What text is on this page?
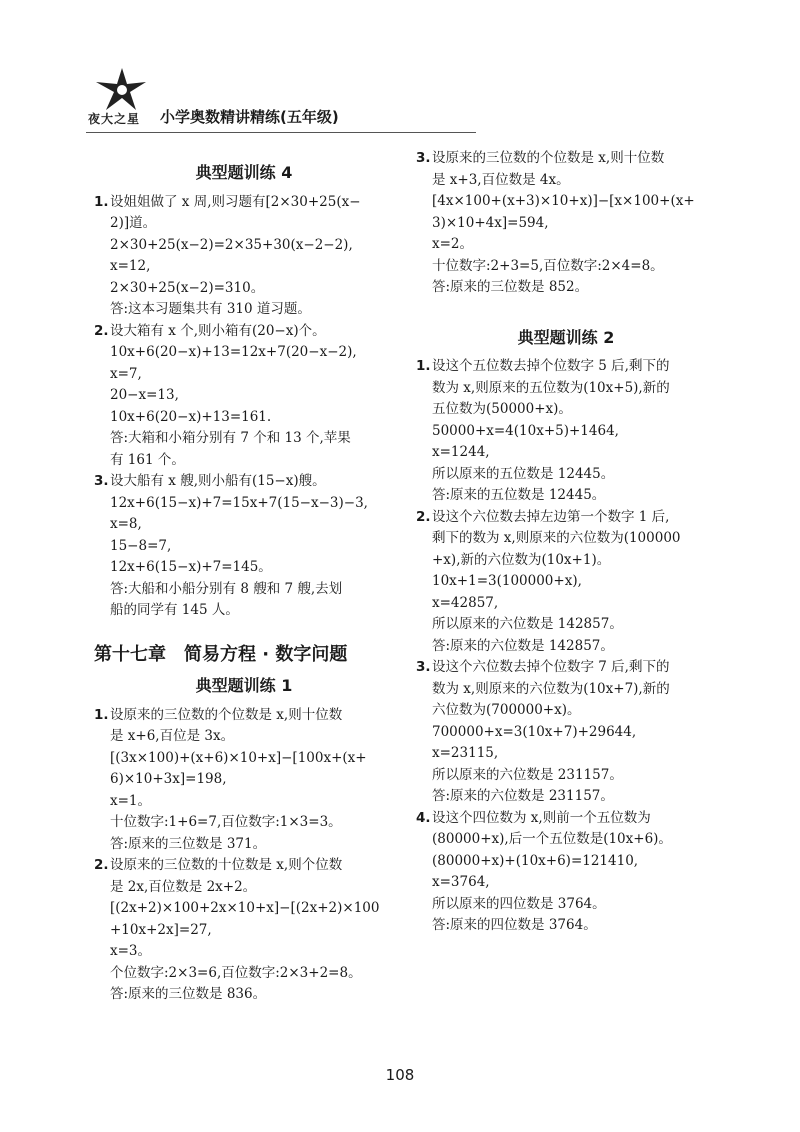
夜大之星 小学奥数精讲精练(五年级)
典型题训练 4
1. 设姐姐做了 x 周,则习题有[2×30+25(x−
2)]道。
2×30+25(x−2)=2×35+30(x−2−2),
x=12,
2×30+25(x−2)=310。
答:这本习题集共有 310 道习题。
2. 设大箱有 x 个,则小箱有(20−x)个。
10x+6(20−x)+13=12x+7(20−x−2),
x=7,
20−x=13,
10x+6(20−x)+13=161.
答:大箱和小箱分别有 7 个和 13 个,苹果
有 161 个。
3. 设大船有 x 艘,则小船有(15−x)艘。
12x+6(15−x)+7=15x+7(15−x−3)−3,
x=8,
15−8=7,
12x+6(15−x)+7=145。
答:大船和小船分别有 8 艘和 7 艘,去划
船的同学有 145 人。
第十七章　简易方程 · 数字问题
典型题训练 1
1. 设原来的三位数的个位数是 x,则十位数
是 x+6,百位是 3x。
[(3x×100)+(x+6)×10+x]−[100x+(x+
6)×10+3x]=198,
x=1。
十位数字:1+6=7,百位数字:1×3=3。
答:原来的三位数是 371。
2. 设原来的三位数的十位数是 x,则个位数
是 2x,百位数是 2x+2。
[(2x+2)×100+2x×10+x]−[(2x+2)×100
+10x+2x]=27,
x=3。
个位数字:2×3=6,百位数字:2×3+2=8。
答:原来的三位数是 836。
3. 设原来的三位数的个位数是 x,则十位数
是 x+3,百位数是 4x。
[4x×100+(x+3)×10+x)]−[x×100+(x+
3)×10+4x]=594,
x=2。
十位数字:2+3=5,百位数字:2×4=8。
答:原来的三位数是 852。
典型题训练 2
1. 设这个五位数去掉个位数字 5 后,剩下的
数为 x,则原来的五位数为(10x+5),新的
五位数为(50000+x)。
50000+x=4(10x+5)+1464,
x=1244,
所以原来的五位数是 12445。
答:原来的五位数是 12445。
2. 设这个六位数去掉左边第一个数字 1 后,
剩下的数为 x,则原来的六位数为(100000
+x),新的六位数为(10x+1)。
10x+1=3(100000+x),
x=42857,
所以原来的六位数是 142857。
答:原来的六位数是 142857。
3. 设这个六位数去掉个位数字 7 后,剩下的
数为 x,则原来的六位数为(10x+7),新的
六位数为(700000+x)。
700000+x=3(10x+7)+29644,
x=23115,
所以原来的六位数是 231157。
答:原来的六位数是 231157。
4. 设这个四位数为 x,则前一个五位数为
(80000+x),后一个五位数是(10x+6)。
(80000+x)+(10x+6)=121410,
x=3764,
所以原来的四位数是 3764。
答:原来的四位数是 3764。
108
